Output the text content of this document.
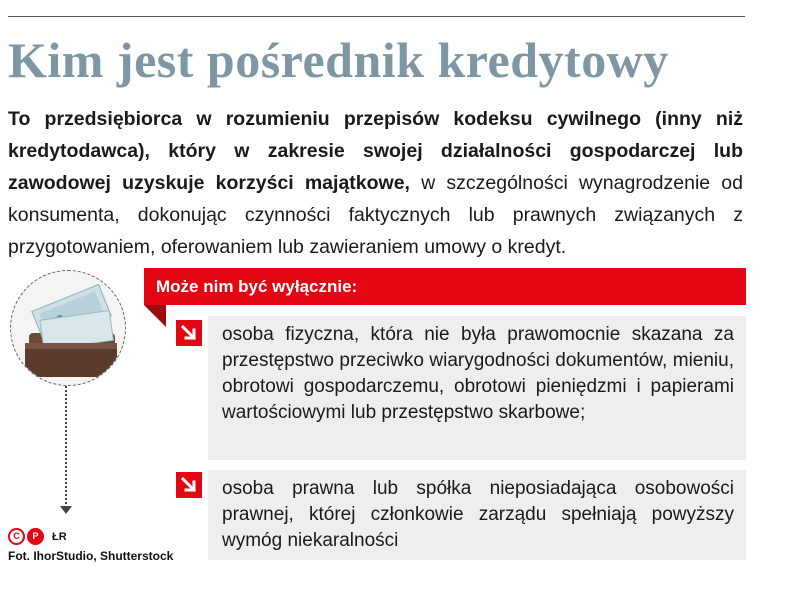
Kim jest pośrednik kredytowy

To przedsiębiorca w rozumieniu przepisów kodeksu cywilnego (inny niż kredytodawca), który w zakresie swojej działalności gospodarczej lub zawodowej uzyskuje korzyści majątkowe, w szczególności wynagrodzenie od konsumenta, dokonując czynności faktycznych lub prawnych związanych z przygotowaniem, oferowaniem lub zawieraniem umowy o kredyt.

C	P	ŁR
Fot. IhorStudio, Shutterstock
Może nim być wyłącznie:

osoba fizyczna, która nie była prawomocnie skazana za przestępstwo przeciwko wiarygodności dokumentów, mieniu, obrotowi gospodarczemu, obrotowi pieniędzmi i papierami wartościowymi lub przestępstwo skarbowe;

osoba prawna lub spółka nieposiadająca osobowości prawnej, której członkowie zarządu spełniają powyższy wymóg niekaralności
